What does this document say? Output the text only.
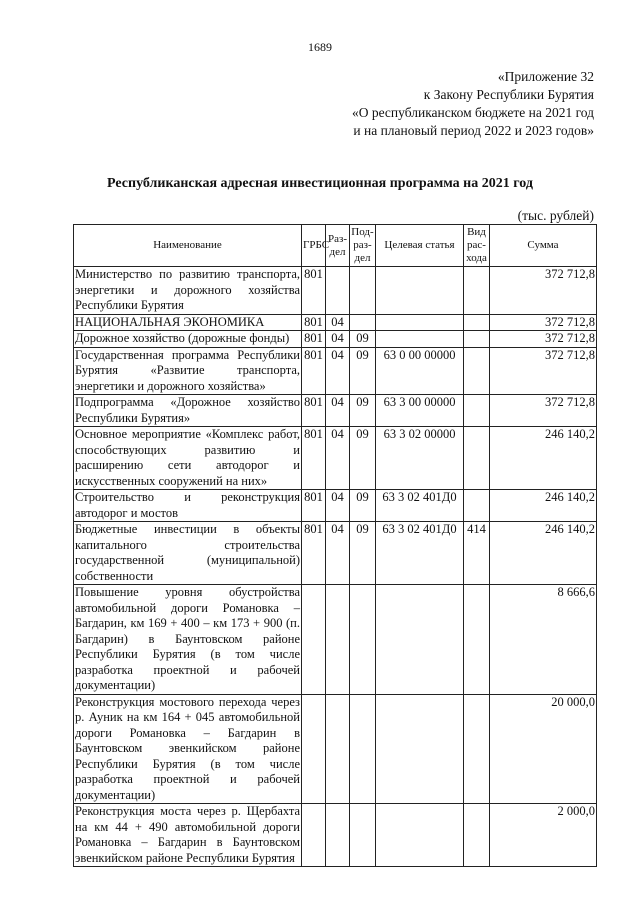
1689
«Приложение 32
к Закону Республики Бурятия
«О республиканском бюджете на 2021 год
и на плановый период 2022 и 2023 годов»
Республиканская адресная инвестиционная программа на 2021 год
(тыс. рублей)
Наименование	ГРБС	Раз-дел	Под-раз-дел	Целевая статья	Вид рас-хода	Сумма
Министерство по развитию транспорта, энергетики и дорожного хозяйства Республики Бурятия	801					372 712,8
НАЦИОНАЛЬНАЯ ЭКОНОМИКА	801	04				372 712,8
Дорожное хозяйство (дорожные фонды)	801	04	09			372 712,8
Государственная программа Республики Бурятия «Развитие транспорта, энергетики и дорожного хозяйства»	801	04	09	63 0 00 00000		372 712,8
Подпрограмма «Дорожное хозяйство Республики Бурятия»	801	04	09	63 3 00 00000		372 712,8
Основное мероприятие «Комплекс работ, способствующих развитию и расширению сети автодорог и искусственных сооружений на них»	801	04	09	63 3 02 00000		246 140,2
Строительство и реконструкция автодорог и мостов	801	04	09	63 3 02 401Д0		246 140,2
Бюджетные инвестиции в объекты капитального строительства государственной (муниципальной) собственности	801	04	09	63 3 02 401Д0	414	246 140,2
Повышение уровня обустройства автомобильной дороги Романовка – Багдарин, км 169 + 400 – км 173 + 900 (п. Багдарин) в Баунтовском районе Республики Бурятия (в том числе разработка проектной и рабочей документации)						8 666,6
Реконструкция мостового перехода через р. Ауник на км 164 + 045 автомобильной дороги Романовка – Багдарин в Баунтовском эвенкийском районе Республики Бурятия (в том числе разработка проектной и рабочей документации)						20 000,0
Реконструкция моста через р. Щербахта на км 44 + 490 автомобильной дороги Романовка – Багдарин в Баунтовском эвенкийском районе Республики Бурятия						2 000,0
